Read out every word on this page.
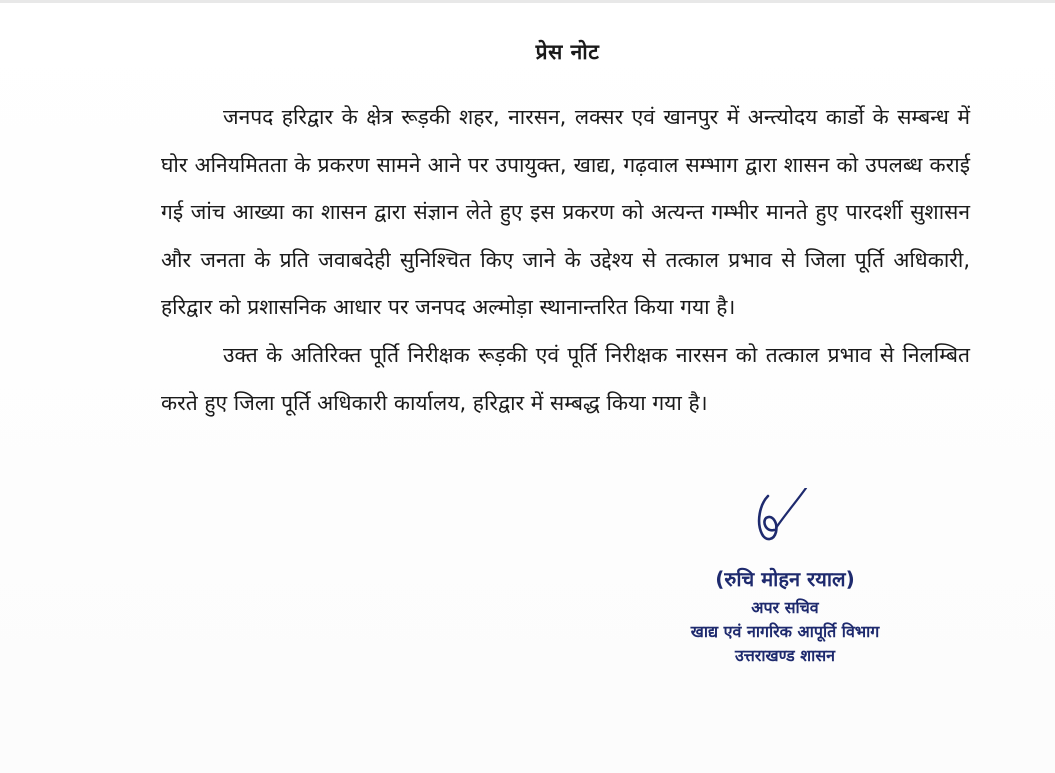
प्रेस नोट

जनपद हरिद्वार के क्षेत्र रूड़की शहर, नारसन, लक्सर एवं खानपुर में अन्त्योदय कार्डो के सम्बन्ध में घोर अनियमितता के प्रकरण सामने आने पर उपायुक्त, खाद्य, गढ़वाल सम्भाग द्वारा शासन को उपलब्ध कराई गई जांच आख्या का शासन द्वारा संज्ञान लेते हुए इस प्रकरण को अत्यन्त गम्भीर मानते हुए पारदर्शी सुशासन और जनता के प्रति जवाबदेही सुनिश्चित किए जाने के उद्देश्य से तत्काल प्रभाव से जिला पूर्ति अधिकारी, हरिद्वार को प्रशासनिक आधार पर जनपद अल्मोड़ा स्थानान्तरित किया गया है।

उक्त के अतिरिक्त पूर्ति निरीक्षक रूड़की एवं पूर्ति निरीक्षक नारसन को तत्काल प्रभाव से निलम्बित करते हुए जिला पूर्ति अधिकारी कार्यालय, हरिद्वार में सम्बद्ध किया गया है।

(रुचि मोहन रयाल)
अपर सचिव
खाद्य एवं नागरिक आपूर्ति विभाग
उत्तराखण्ड शासन
